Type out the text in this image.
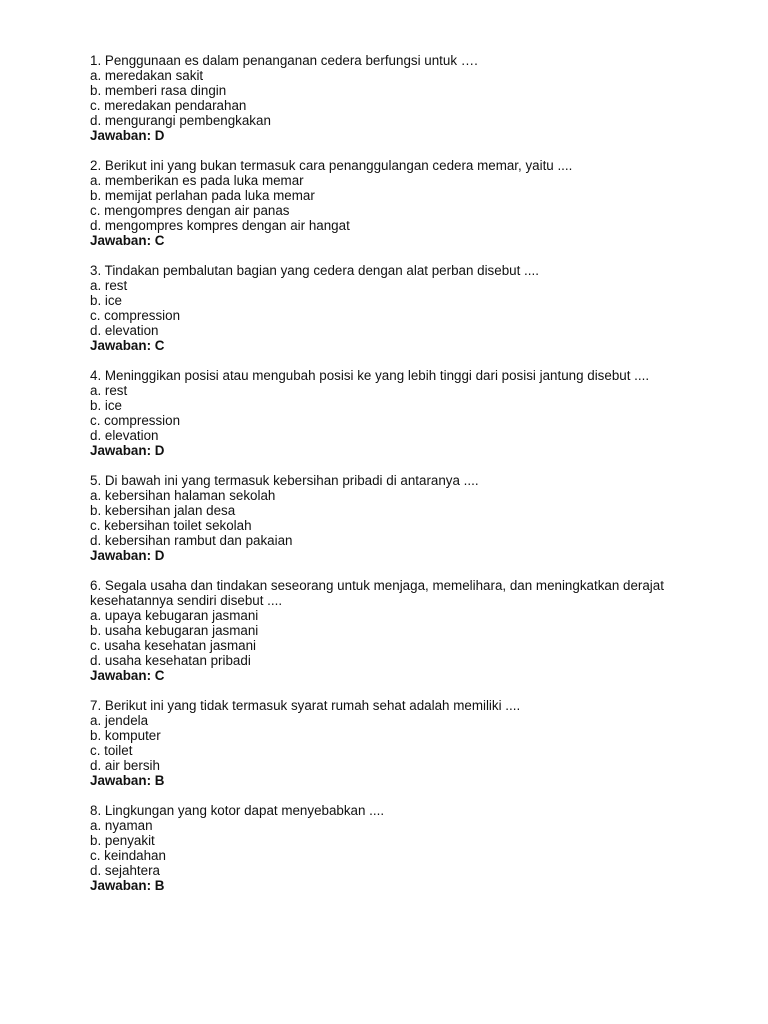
1. Penggunaan es dalam penanganan cedera berfungsi untuk ….
a. meredakan sakit
b. memberi rasa dingin
c. meredakan pendarahan
d. mengurangi pembengkakan
Jawaban: D
2. Berikut ini yang bukan termasuk cara penanggulangan cedera memar, yaitu ....
a. memberikan es pada luka memar
b. memijat perlahan pada luka memar
c. mengompres dengan air panas
d. mengompres kompres dengan air hangat
Jawaban: C
3. Tindakan pembalutan bagian yang cedera dengan alat perban disebut ....
a. rest
b. ice
c. compression
d. elevation
Jawaban: C
4. Meninggikan posisi atau mengubah posisi ke yang lebih tinggi dari posisi jantung disebut ....
a. rest
b. ice
c. compression
d. elevation
Jawaban: D
5. Di bawah ini yang termasuk kebersihan pribadi di antaranya ....
a. kebersihan halaman sekolah
b. kebersihan jalan desa
c. kebersihan toilet sekolah
d. kebersihan rambut dan pakaian
Jawaban: D
6. Segala usaha dan tindakan seseorang untuk menjaga, memelihara, dan meningkatkan derajat kesehatannya sendiri disebut ....
a. upaya kebugaran jasmani
b. usaha kebugaran jasmani
c. usaha kesehatan jasmani
d. usaha kesehatan pribadi
Jawaban: C
7. Berikut ini yang tidak termasuk syarat rumah sehat adalah memiliki ....
a. jendela
b. komputer
c. toilet
d. air bersih
Jawaban: B
8. Lingkungan yang kotor dapat menyebabkan ....
a. nyaman
b. penyakit
c. keindahan
d. sejahtera
Jawaban: B
